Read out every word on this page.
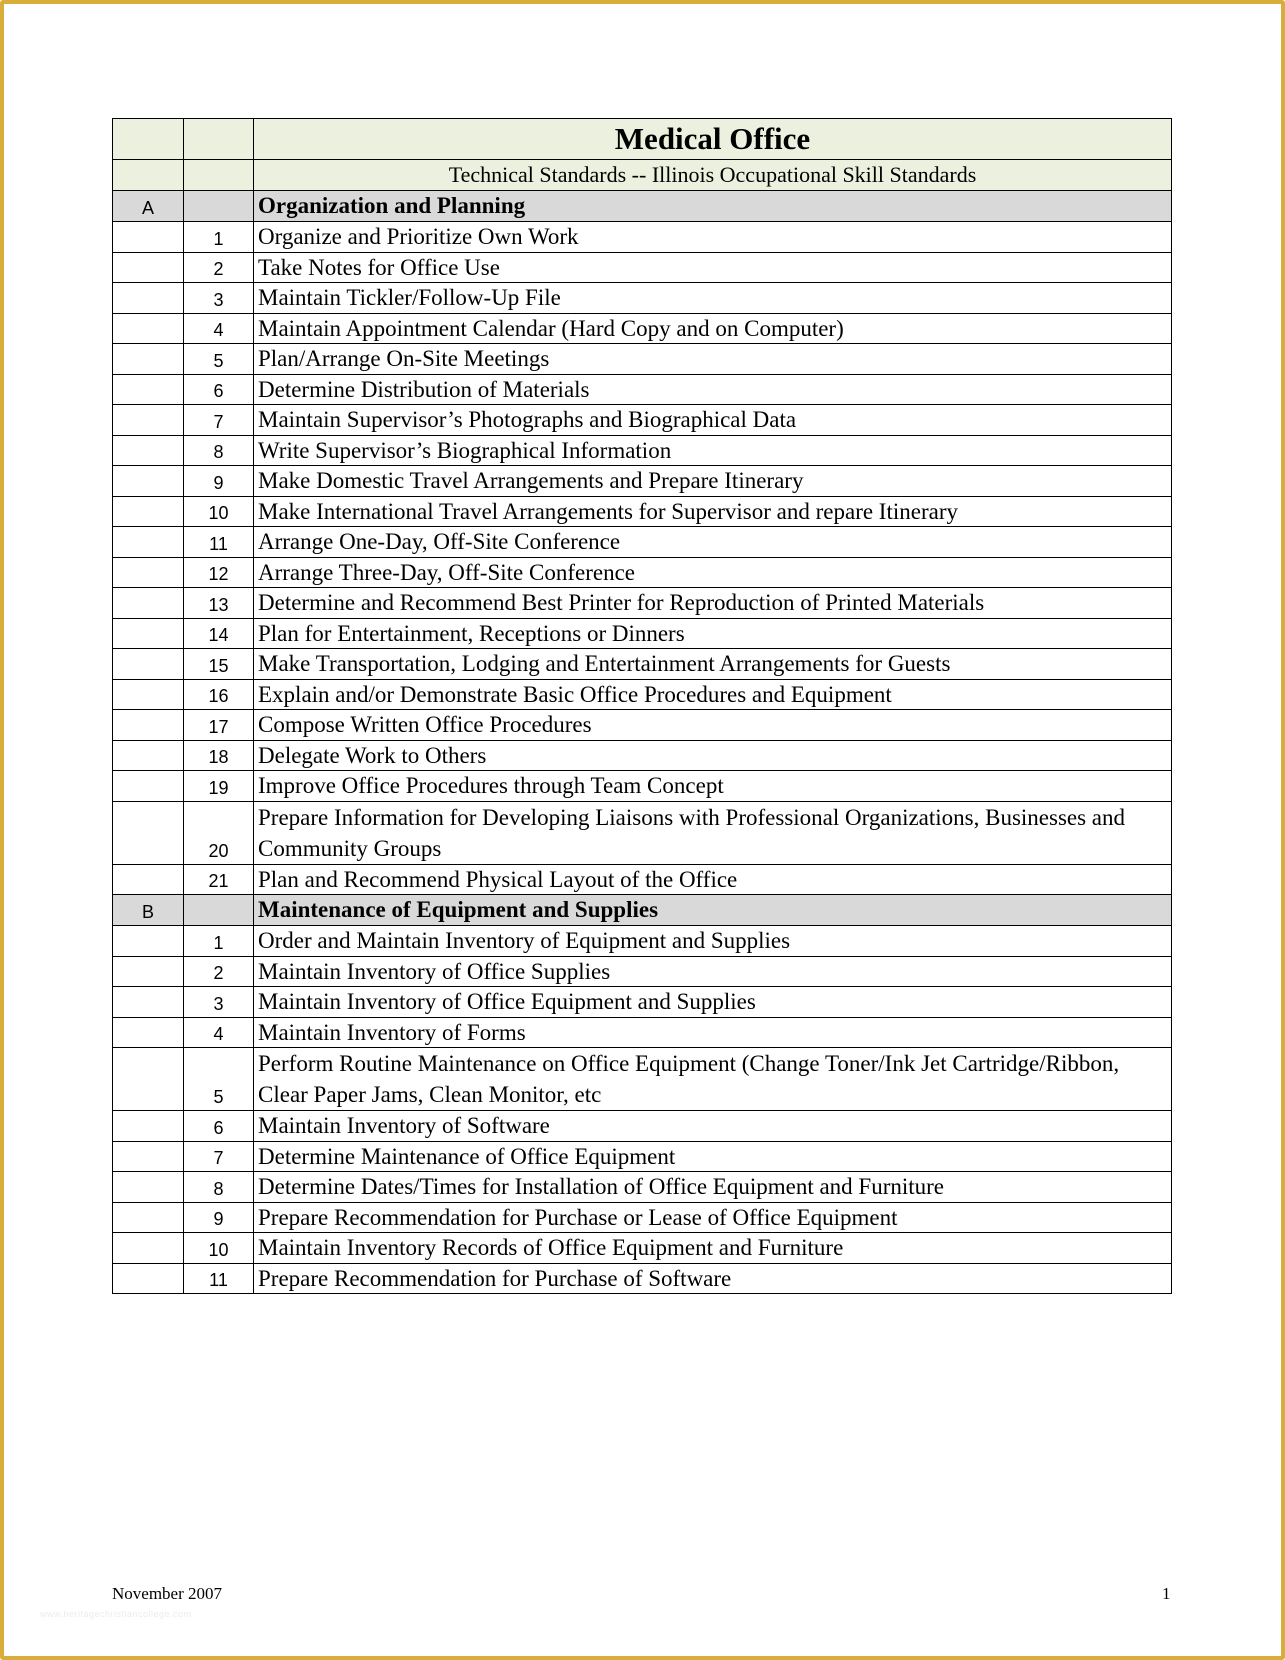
		Medical Office
		Technical Standards -- Illinois Occupational Skill Standards
A		Organization and Planning
	1	Organize and Prioritize Own Work
	2	Take Notes for Office Use
	3	Maintain Tickler/Follow-Up File
	4	Maintain Appointment Calendar (Hard Copy and on Computer)
	5	Plan/Arrange On-Site Meetings
	6	Determine Distribution of Materials
	7	Maintain Supervisor’s Photographs and Biographical Data
	8	Write Supervisor’s Biographical Information
	9	Make Domestic Travel Arrangements and Prepare Itinerary
	10	Make International Travel Arrangements for Supervisor and repare Itinerary
	11	Arrange One-Day, Off-Site Conference
	12	Arrange Three-Day, Off-Site Conference
	13	Determine and Recommend Best Printer for Reproduction of Printed Materials
	14	Plan for Entertainment, Receptions or Dinners
	15	Make Transportation, Lodging and Entertainment Arrangements for Guests
	16	Explain and/or Demonstrate Basic Office Procedures and Equipment
	17	Compose Written Office Procedures
	18	Delegate Work to Others
	19	Improve Office Procedures through Team Concept
	20	Prepare Information for Developing Liaisons with Professional Organizations, Businesses and Community Groups
	21	Plan and Recommend Physical Layout of the Office
B		Maintenance of Equipment and Supplies
	1	Order and Maintain Inventory of Equipment and Supplies
	2	Maintain Inventory of Office Supplies
	3	Maintain Inventory of Office Equipment and Supplies
	4	Maintain Inventory of Forms
	5	Perform Routine Maintenance on Office Equipment (Change Toner/Ink Jet Cartridge/Ribbon, Clear Paper Jams, Clean Monitor, etc
	6	Maintain Inventory of Software
	7	Determine Maintenance of Office Equipment
	8	Determine Dates/Times for Installation of Office Equipment and Furniture
	9	Prepare Recommendation for Purchase or Lease of Office Equipment
	10	Maintain Inventory Records of Office Equipment and Furniture
	11	Prepare Recommendation for Purchase of Software
November 2007	1
www.heritagechristiancollege.com
